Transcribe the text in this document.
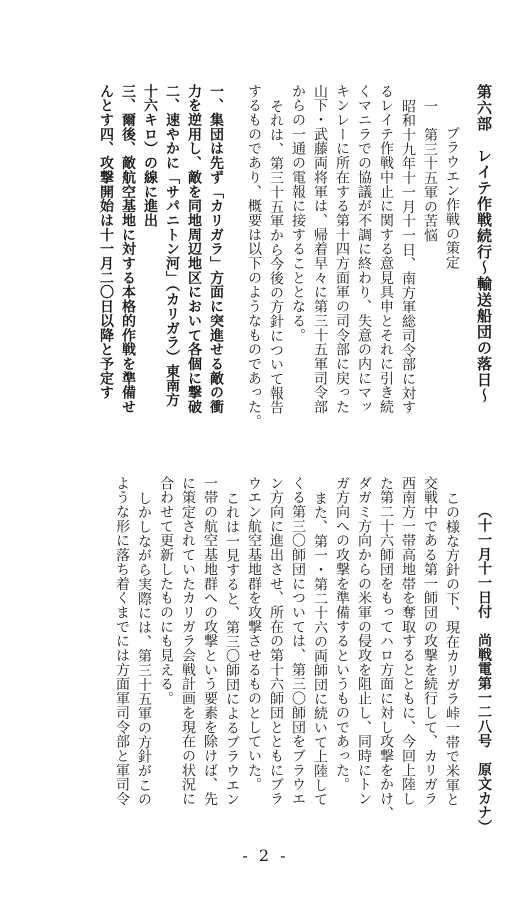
第六部　レイテ作戦続行～輸送船団の落日～
ブラウエン作戦の策定
一　第三十五軍の苦悩
昭和十九年十一月十一日、南方軍総司令部に対す
るレイテ作戦中止に関する意見具申とそれに引き続
くマニラでの協議が不調に終わり、失意の内にマッ
キンレーに所在する第十四方面軍の司令部に戻った
山下・武藤両将軍は、帰着早々に第三十五軍司令部
からの一通の電報に接することとなる。
それは、第三十五軍から今後の方針について報告
するものであり、概要は以下のようなものであった。
一、集団は先ず「カリガラ」方面に突進せる敵の衝
力を逆用し、敵を同地周辺地区において各個に撃破
二、速やかに「サパニトン河」（カリガラ）東南方
十六キロ）の線に進出
三、爾後、敵航空基地に対する本格的作戦を準備せ
んとす四、攻撃開始は十一月二〇日以降と予定す
（十一月十一日付　尚戦電第一二八号　原文カナ）
この様な方針の下、現在カリガラ峠一帯で米軍と
交戦中である第一師団の攻撃を続行して、カリガラ
西南方一帯高地帯を奪取するとともに、今回上陸し
た第二十六師団をもってハロ方面に対し攻撃をかけ、
ダガミ方向からの米軍の侵攻を阻止し、同時にトン
ガ方向への攻撃を準備するというものであった。
また、第一・第二十六の両師団に続いて上陸して
くる第三〇師団については、第三〇師団をブラウエ
ン方向に進出させ、所在の第十六師団とともにブラ
ウエン航空基地群を攻撃させるものとしていた。
これは一見すると、第三〇師団によるブラウエン
一帯の航空基地群への攻撃という要素を除けば、先
に策定されていたカリガラ会戦計画を現在の状況に
合わせて更新したものにも見える。
しかしながら実際には、第三十五軍の方針がこの
ような形に落ち着くまでには方面軍司令部と軍司令
- 2 -
